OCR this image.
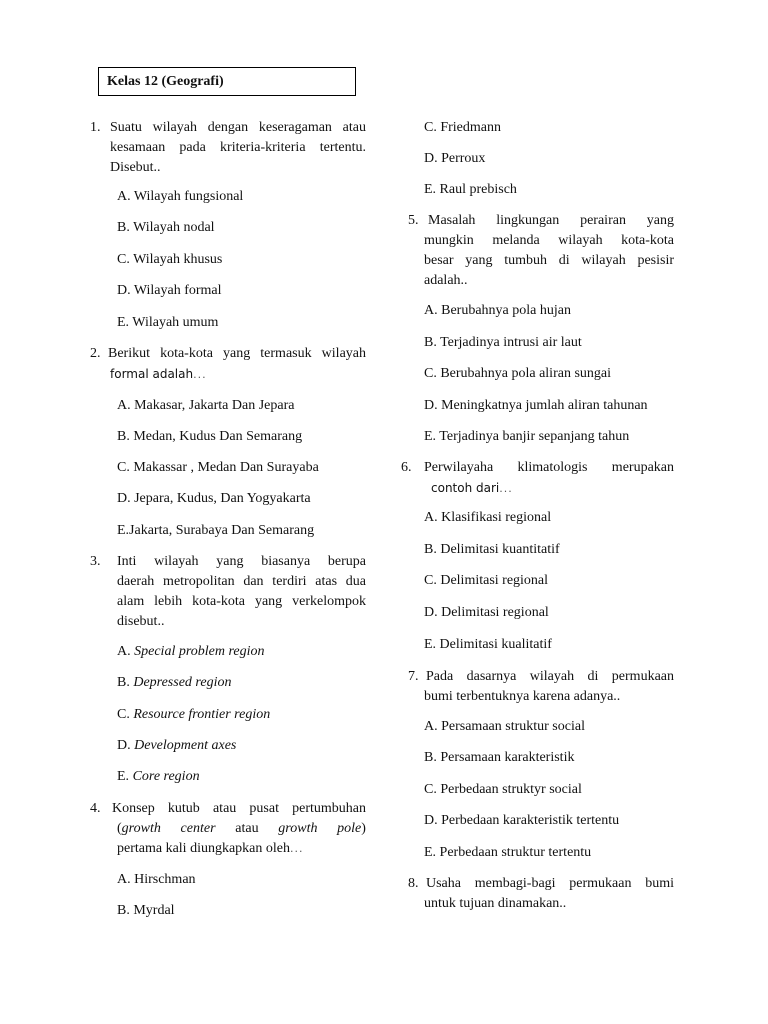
Kelas 12 (Geografi)
1. Suatu wilayah dengan keseragaman atau
kesamaan pada kriteria-kriteria tertentu.
Disebut..
A. Wilayah fungsional
B. Wilayah nodal
C. Wilayah khusus
D. Wilayah formal
E. Wilayah umum
2. Berikut kota-kota yang termasuk wilayah
formal adalah...
A. Makasar, Jakarta Dan Jepara
B. Medan, Kudus Dan Semarang
C. Makassar , Medan Dan Surayaba
D. Jepara, Kudus, Dan Yogyakarta
E.Jakarta, Surabaya Dan Semarang
3. Inti wilayah yang biasanya berupa
daerah metropolitan dan terdiri atas dua
alam lebih kota-kota yang verkelompok
disebut..
A. Special problem region
B. Depressed region
C. Resource frontier region
D. Development axes
E. Core region
4. Konsep kutub atau pusat pertumbuhan
(growth center atau growth pole)
pertama kali diungkapkan oleh...
A. Hirschman
B. Myrdal
C. Friedmann
D. Perroux
E. Raul prebisch
5. Masalah lingkungan perairan yang
mungkin melanda wilayah kota-kota
besar yang tumbuh di wilayah pesisir
adalah..
A. Berubahnya pola hujan
B. Terjadinya intrusi air laut
C. Berubahnya pola aliran sungai
D. Meningkatnya jumlah aliran tahunan
E. Terjadinya banjir sepanjang tahun
6. Perwilayaha klimatologis merupakan
contoh dari...
A. Klasifikasi regional
B. Delimitasi kuantitatif
C. Delimitasi regional
D. Delimitasi regional
E. Delimitasi kualitatif
7. Pada dasarnya wilayah di permukaan
bumi terbentuknya karena adanya..
A. Persamaan struktur social
B. Persamaan karakteristik
C. Perbedaan struktyr social
D. Perbedaan karakteristik tertentu
E. Perbedaan struktur tertentu
8. Usaha membagi-bagi permukaan bumi
untuk tujuan dinamakan..
